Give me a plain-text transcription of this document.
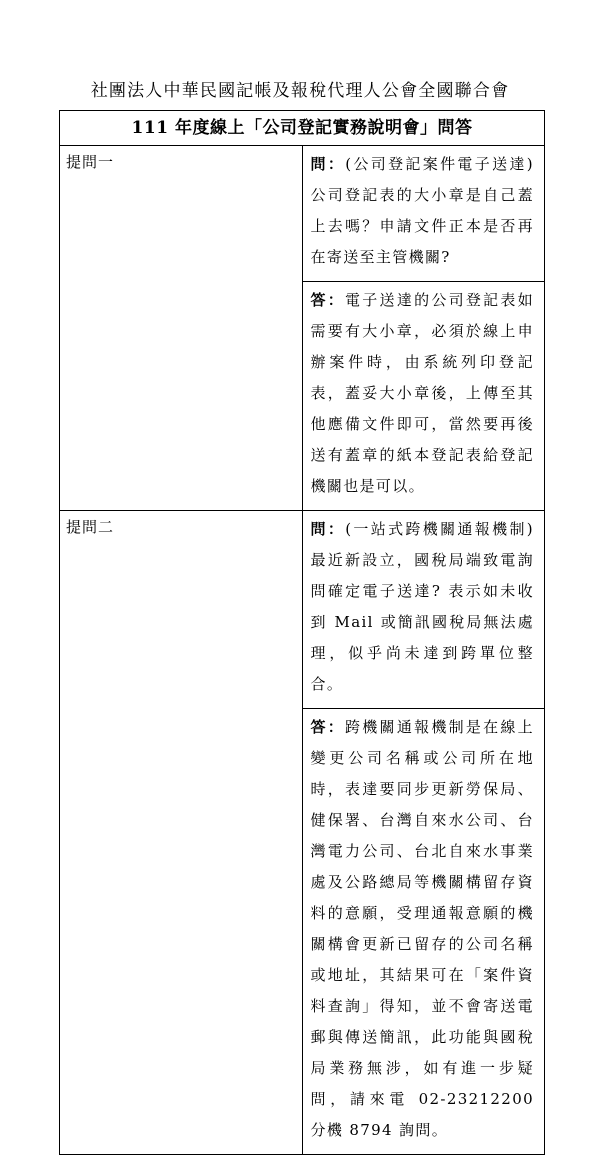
社團法人中華民國記帳及報稅代理人公會全國聯合會
111 年度線上「公司登記實務說明會」問答	
提問一	問：(公司登記案件電子送達) 公司登記表的大小章是自己蓋上去嗎？申請文件正本是否再在寄送至主管機關?
	答：電子送達的公司登記表如需要有大小章，必須於線上申辦案件時，由系統列印登記表，蓋妥大小章後，上傳至其他應備文件即可，當然要再後送有蓋章的紙本登記表給登記機關也是可以。
提問二	問：(一站式跨機關通報機制)最近新設立，國稅局端致電詢問確定電子送達? 表示如未收到 Mail 或簡訊國稅局無法處理，似乎尚未達到跨單位整合。
	答：跨機關通報機制是在線上變更公司名稱或公司所在地時，表達要同步更新勞保局、健保署、台灣自來水公司、台灣電力公司、台北自來水事業處及公路總局等機關構留存資料的意願，受理通報意願的機關構會更新已留存的公司名稱或地址，其結果可在「案件資料查詢」得知，並不會寄送電郵與傳送簡訊，此功能與國稅局業務無涉，如有進一步疑問，請來電 02-23212200 分機 8794 詢問。
